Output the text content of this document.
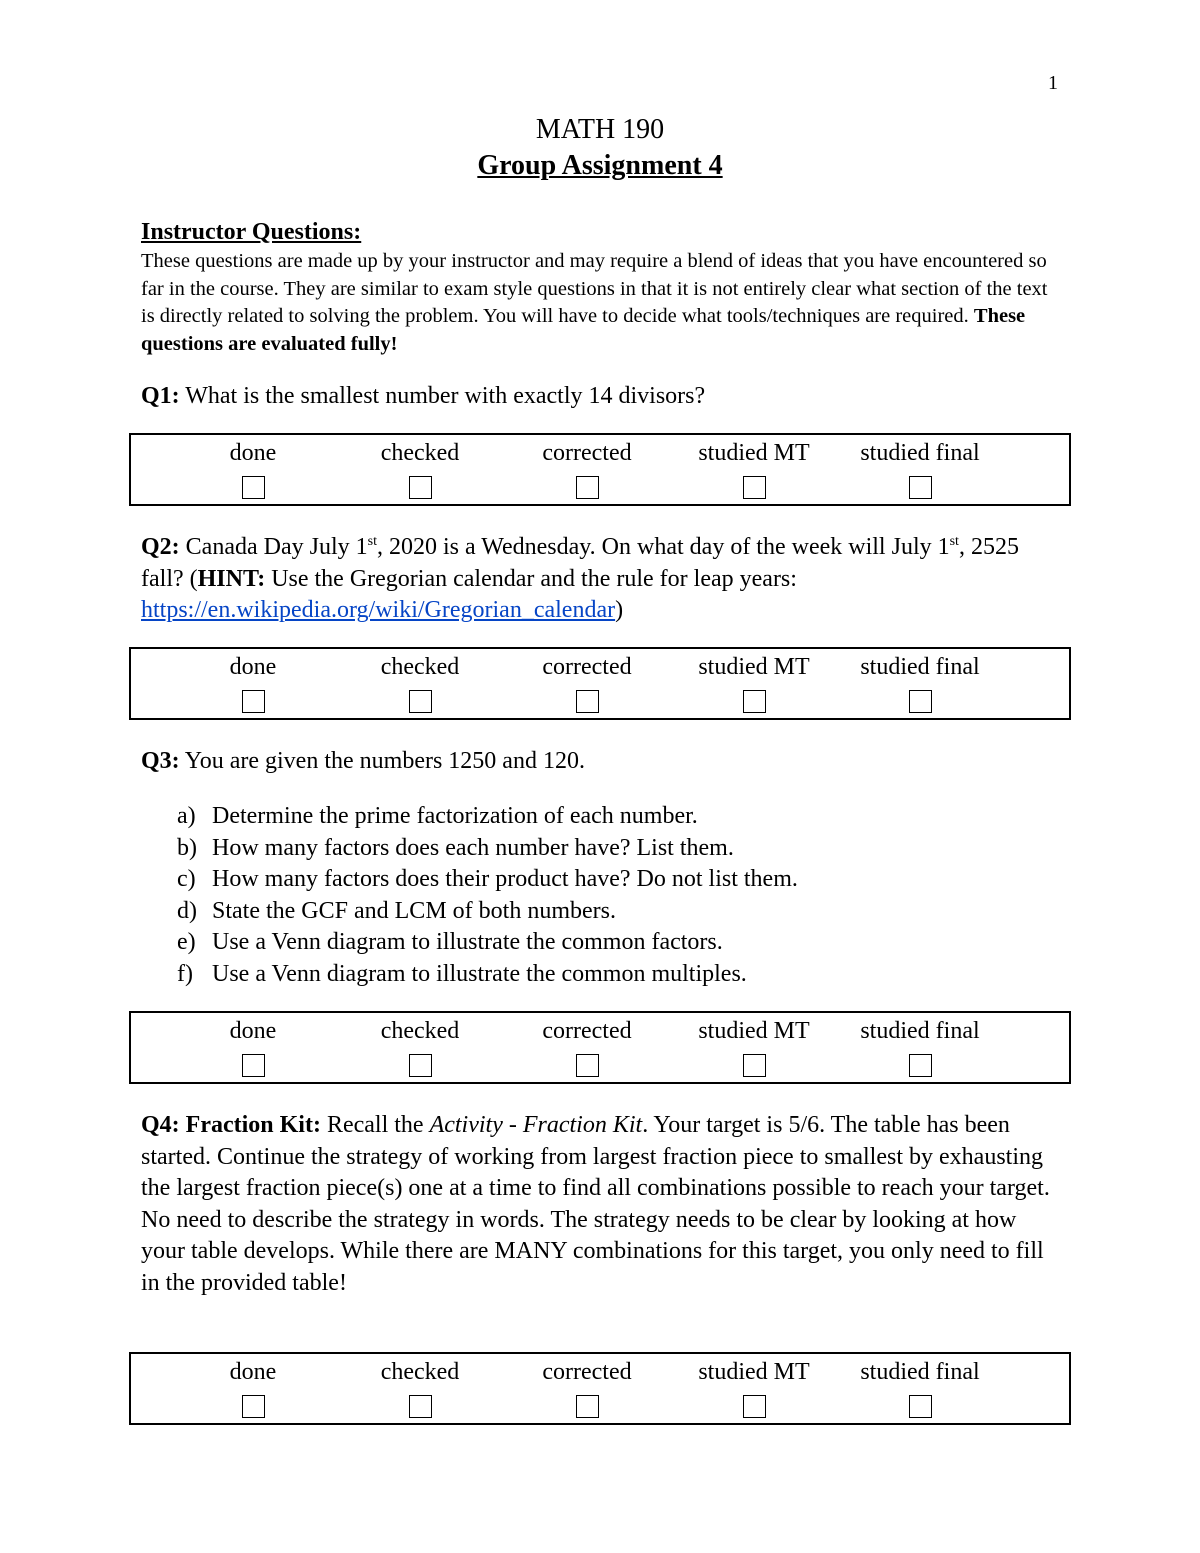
1
MATH 190
Group Assignment 4
Instructor Questions:
These questions are made up by your instructor and may require a blend of ideas that you have encountered so far in the course. They are similar to exam style questions in that it is not entirely clear what section of the text is directly related to solving the problem. You will have to decide what tools/techniques are required. These questions are evaluated fully!
Q1: What is the smallest number with exactly 14 divisors?
done	checked	corrected	studied MT	studied final
Q2: Canada Day July 1st, 2020 is a Wednesday. On what day of the week will July 1st, 2525 fall? (HINT: Use the Gregorian calendar and the rule for leap years:
https://en.wikipedia.org/wiki/Gregorian_calendar)
done	checked	corrected	studied MT	studied final
Q3: You are given the numbers 1250 and 120.
a) Determine the prime factorization of each number.
b) How many factors does each number have? List them.
c) How many factors does their product have? Do not list them.
d) State the GCF and LCM of both numbers.
e) Use a Venn diagram to illustrate the common factors.
f) Use a Venn diagram to illustrate the common multiples.
done	checked	corrected	studied MT	studied final
Q4: Fraction Kit: Recall the Activity - Fraction Kit. Your target is 5/6. The table has been started. Continue the strategy of working from largest fraction piece to smallest by exhausting the largest fraction piece(s) one at a time to find all combinations possible to reach your target. No need to describe the strategy in words. The strategy needs to be clear by looking at how your table develops. While there are MANY combinations for this target, you only need to fill in the provided table!
done	checked	corrected	studied MT	studied final
